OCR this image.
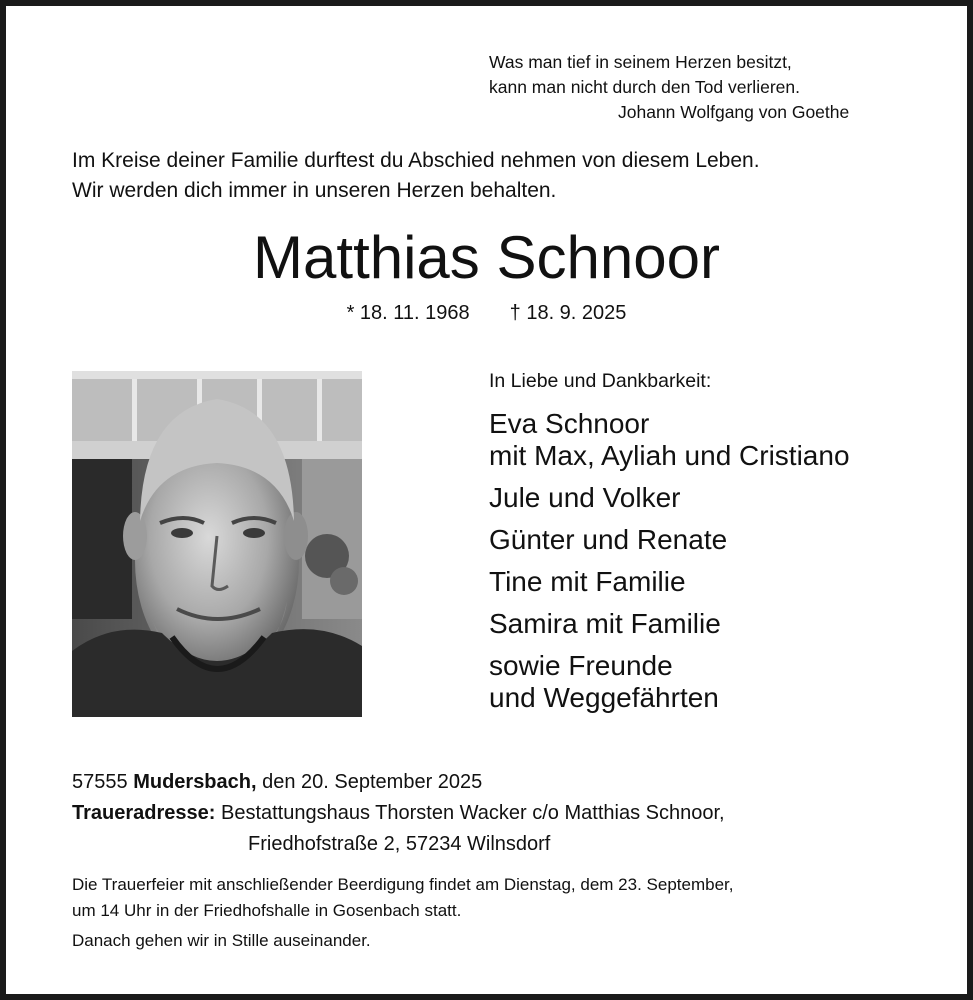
Was man tief in seinem Herzen besitzt,
kann man nicht durch den Tod verlieren.
Johann Wolfgang von Goethe
Im Kreise deiner Familie durftest du Abschied nehmen von diesem Leben.
Wir werden dich immer in unseren Herzen behalten.
Matthias Schnoor
* 18. 11. 1968 † 18. 9. 2025
In Liebe und Dankbarkeit:
Eva Schnoor
mit Max, Ayliah und Cristiano
Jule und Volker
Günter und Renate
Tine mit Familie
Samira mit Familie
sowie Freunde
und Weggefährten
57555 Mudersbach, den 20. September 2025
Traueradresse: Bestattungshaus Thorsten Wacker c/o Matthias Schnoor,
Friedhofstraße 2, 57234 Wilnsdorf
Die Trauerfeier mit anschließender Beerdigung findet am Dienstag, dem 23. September,
um 14 Uhr in der Friedhofshalle in Gosenbach statt.
Danach gehen wir in Stille auseinander.
